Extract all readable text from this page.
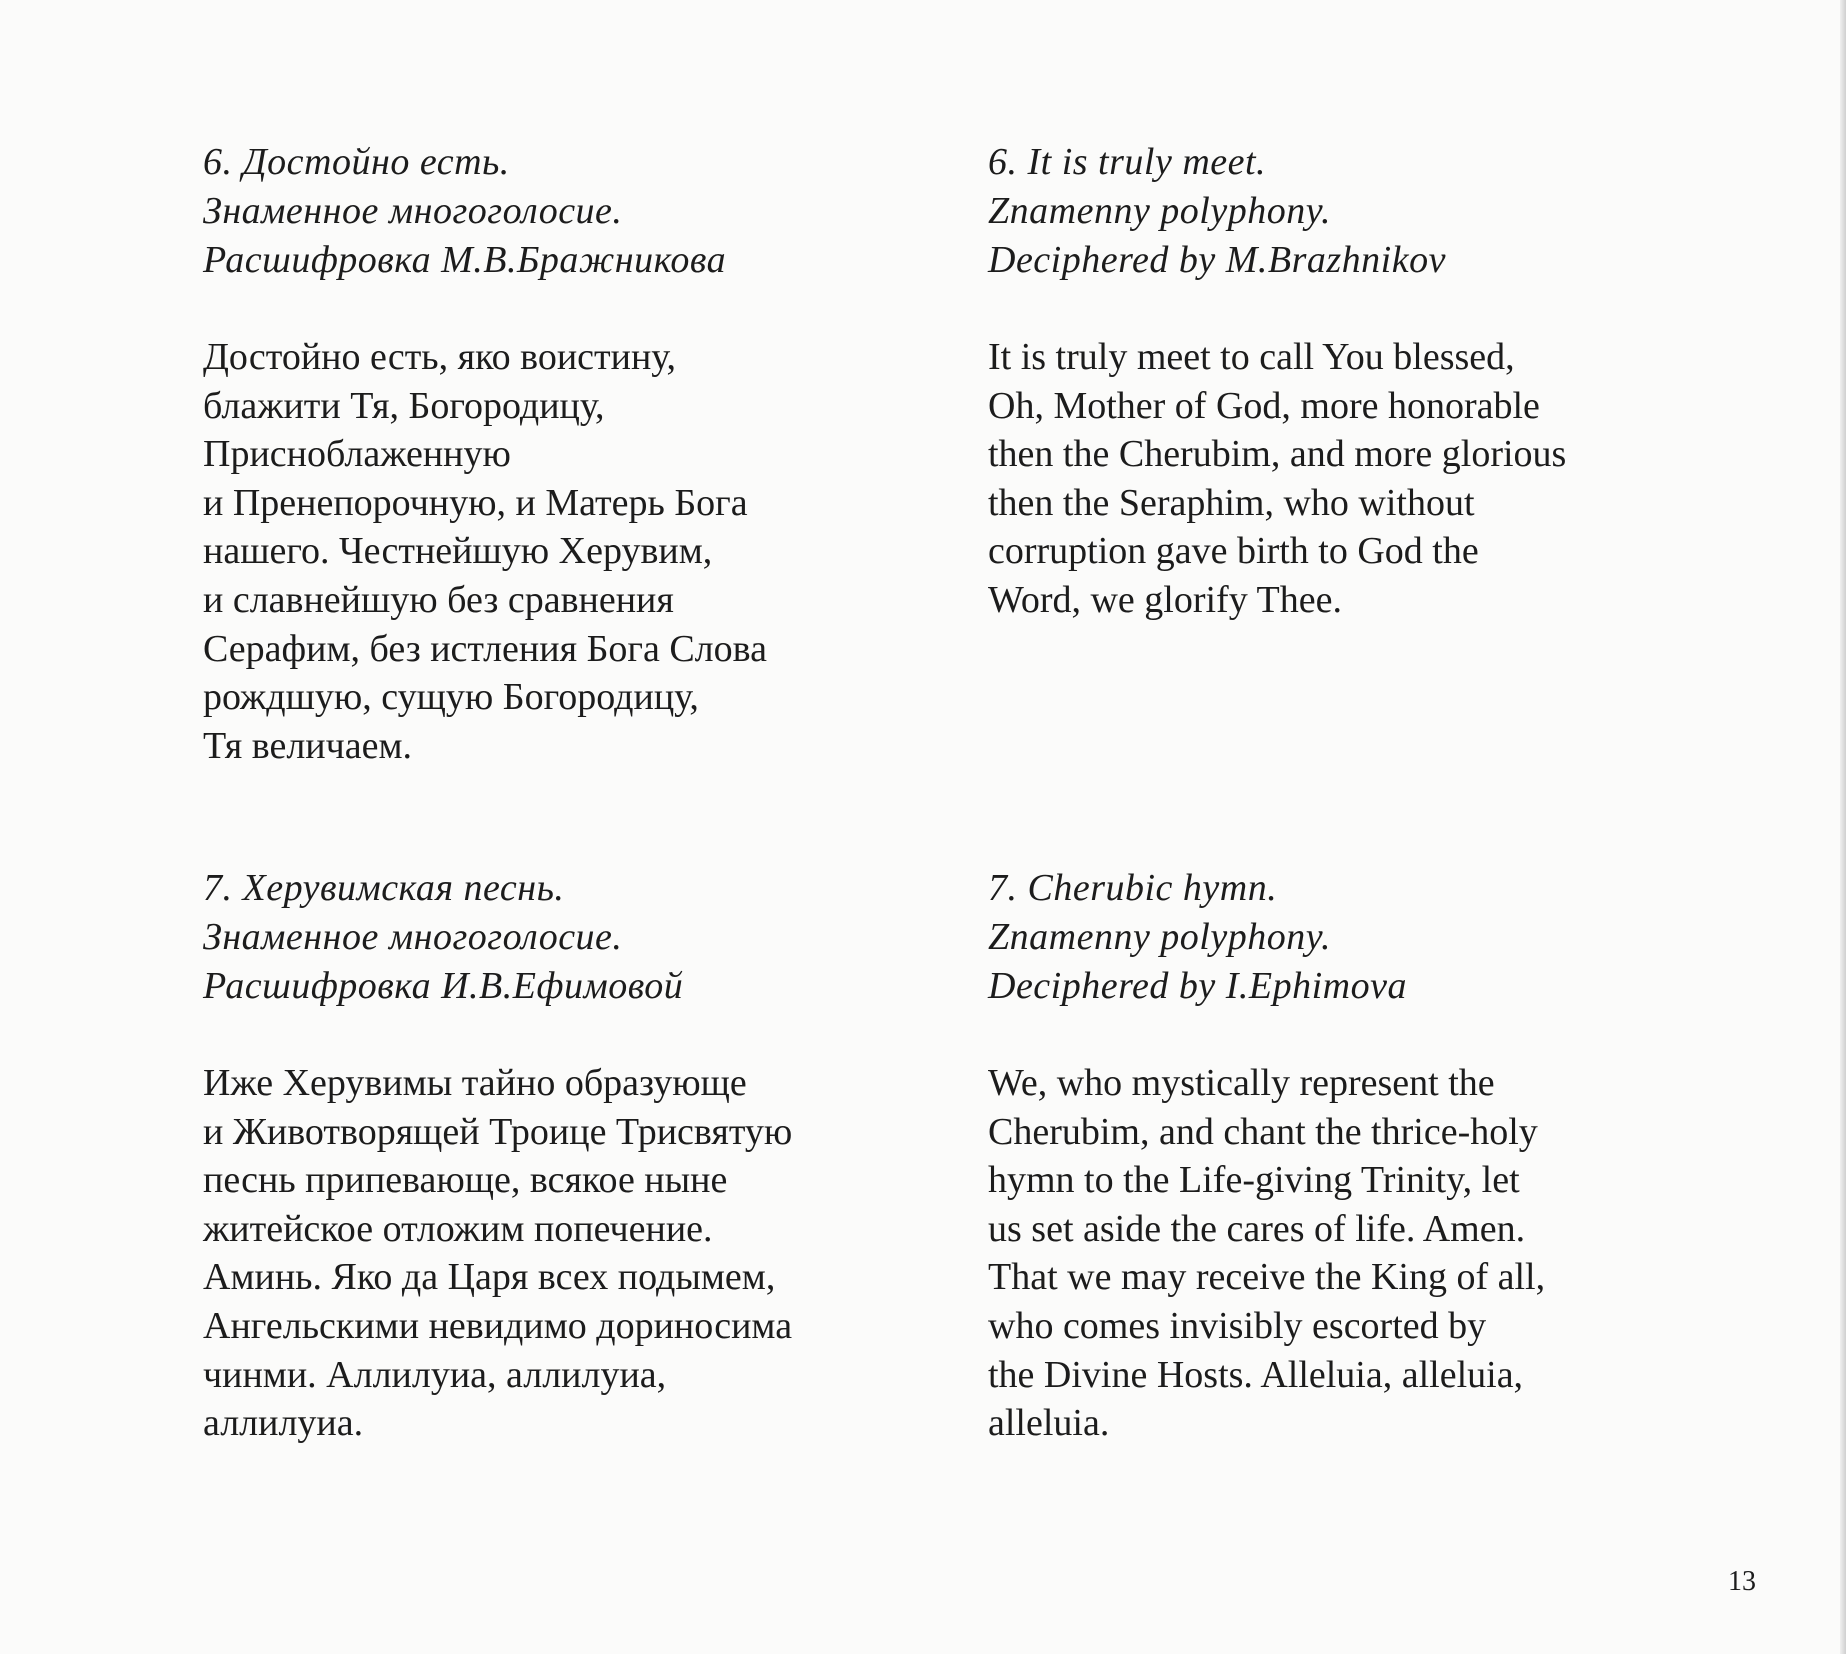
6. Достойно есть.
Знаменное многоголосие.
Расшифровка М.В.Бражникова

Достойно есть, яко воистину,
блажити Тя, Богородицу,
Присноблаженную
и Пренепорочную, и Матерь Бога
нашего. Честнейшую Херувим,
и славнейшую без сравнения
Серафим, без истления Бога Слова
рождшую, сущую Богородицу,
Тя величаем.

6. It is truly meet.
Znamenny polyphony.
Deciphered by M.Brazhnikov

It is truly meet to call You blessed,
Oh, Mother of God, more honorable
then the Cherubim, and more glorious
then the Seraphim, who without
corruption gave birth to God the
Word, we glorify Thee.

7. Херувимская песнь.
Знаменное многоголосие.
Расшифровка И.В.Ефимовой

Иже Херувимы тайно образующе
и Животворящей Троице Трисвятую
песнь припевающе, всякое ныне
житейское отложим попечение.
Аминь. Яко да Царя всех подымем,
Ангельскими невидимо дориносима
чинми. Аллилуиа, аллилуиа,
аллилуиа.

7. Cherubic hymn.
Znamenny polyphony.
Deciphered by I.Ephimova

We, who mystically represent the
Cherubim, and chant the thrice-holy
hymn to the Life-giving Trinity, let
us set aside the cares of life. Amen.
That we may receive the King of all,
who comes invisibly escorted by
the Divine Hosts. Alleluia, alleluia,
alleluia.

13
